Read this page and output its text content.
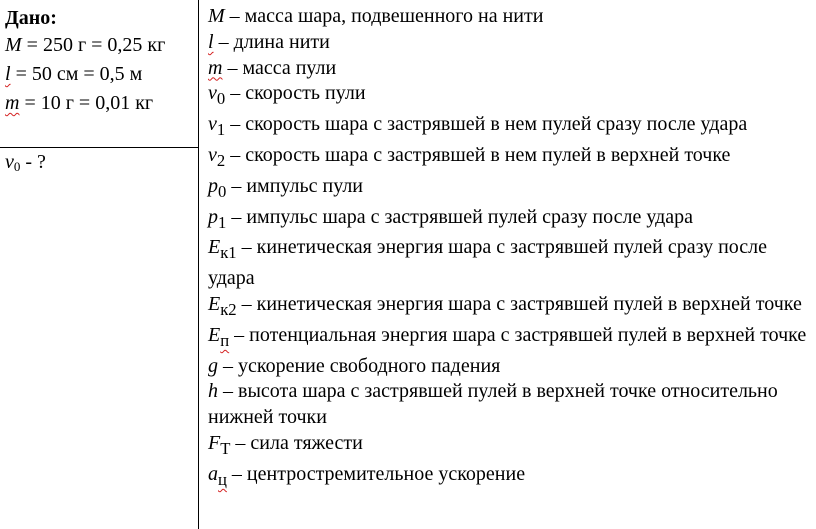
Дано:
M = 250 г = 0,25 кг
l = 50 см = 0,5 м
m = 10 г = 0,01 кг
$v_0$ - ?

M – масса шара, подвешенного на нити

l – длина нити

m – масса пули

$v_0$ – скорость пули

$v_1$ – скорость шара с застрявшей в нем пулей сразу после удара

$v_2$ – скорость шара с застрявшей в нем пулей в верхней точке

$p_0$ – импульс пули

$p_1$ – импульс шара с застрявшей пулей сразу после удара

$E_{к1}$ – кинетическая энергия шара с застрявшей пулей сразу после удара

$E_{к2}$ – кинетическая энергия шара с застрявшей пулей в верхней точке

$E_п$ – потенциальная энергия шара с застрявшей пулей в верхней точке

g – ускорение свободного падения

h – высота шара с застрявшей пулей в верхней точке относительно нижней точки

$F_Т$ – сила тяжести

$a_ц$ – центростремительное ускорение
